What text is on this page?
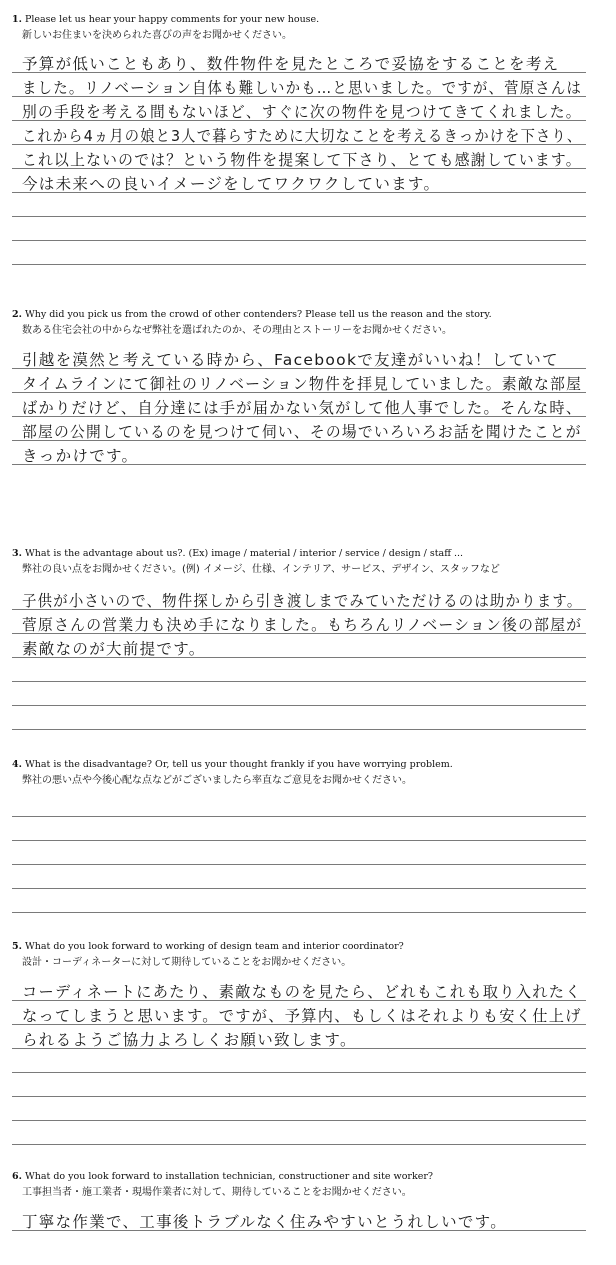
1. Please let us hear your happy comments for your new house.
新しいお住まいを決められた喜びの声をお聞かせください。
予算が低いこともあり、数件物件を見たところで妥協をすることを考え
ました。リノベーション自体も難しいかも…と思いました。ですが、菅原さんは
別の手段を考える間もないほど、すぐに次の物件を見つけてきてくれました。
これから4ヵ月の娘と3人で暮らすために大切なことを考えるきっかけを下さり、
これ以上ないのでは？という物件を提案して下さり、とても感謝しています。
今は未来への良いイメージをしてワクワクしています。
2. Why did you pick us from the crowd of other contenders? Please tell us the reason and the story.
数ある住宅会社の中からなぜ弊社を選ばれたのか、その理由とストーリーをお聞かせください。
引越を漠然と考えている時から、Facebookで友達がいいね！していて
タイムラインにて御社のリノベーション物件を拝見していました。素敵な部屋
ばかりだけど、自分達には手が届かない気がして他人事でした。そんな時、
部屋の公開しているのを見つけて伺い、その場でいろいろお話を聞けたことが
きっかけです。
3. What is the advantage about us?. (Ex) image / material / interior / service / design / staff ...
弊社の良い点をお聞かせください。(例) イメージ、仕様、インテリア、サービス、デザイン、スタッフなど
子供が小さいので、物件探しから引き渡しまでみていただけるのは助かります。
菅原さんの営業力も決め手になりました。もちろんリノベーション後の部屋が
素敵なのが大前提です。
4. What is the disadvantage? Or, tell us your thought frankly if you have worrying problem.
弊社の悪い点や今後心配な点などがございましたら率直なご意見をお聞かせください。
5. What do you look forward to working of design team and interior coordinator?
設計・コーディネーターに対して期待していることをお聞かせください。
コーディネートにあたり、素敵なものを見たら、どれもこれも取り入れたく
なってしまうと思います。ですが、予算内、もしくはそれよりも安く仕上げ
られるようご協力よろしくお願い致します。
6. What do you look forward to installation technician, constructioner and site worker?
工事担当者・施工業者・現場作業者に対して、期待していることをお聞かせください。
丁寧な作業で、工事後トラブルなく住みやすいとうれしいです。
